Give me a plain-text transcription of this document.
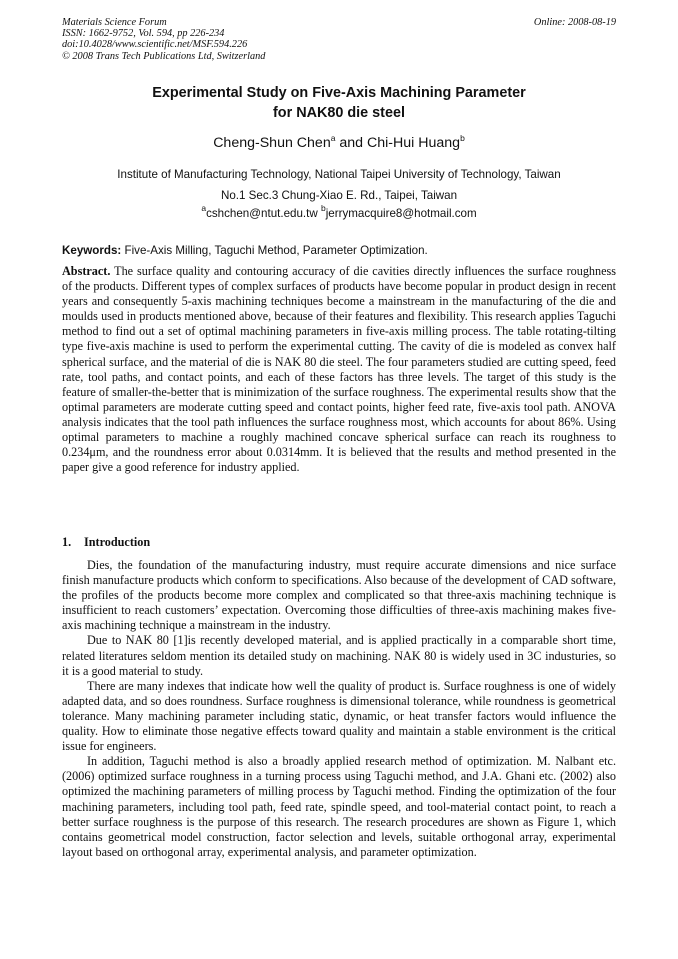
Materials Science Forum
ISSN: 1662-9752, Vol. 594, pp 226-234
doi:10.4028/www.scientific.net/MSF.594.226
© 2008 Trans Tech Publications Ltd, Switzerland
Online: 2008-08-19
Experimental Study on Five-Axis Machining Parameter
for NAK80 die steel
Cheng-Shun Chen$^a$ and Chi-Hui Huang$^b$
Institute of Manufacturing Technology, National Taipei University of Technology, Taiwan
No.1 Sec.3 Chung-Xiao E. Rd., Taipei, Taiwan
$^a$cshchen@ntut.edu.tw $^b$jerrymacquire8@hotmail.com
Keywords: Five-Axis Milling, Taguchi Method, Parameter Optimization.
Abstract. The surface quality and contouring accuracy of die cavities directly influences the surface roughness of the products. Different types of complex surfaces of products have become popular in product design in recent years and consequently 5-axis machining techniques become a mainstream in the manufacturing of the die and moulds used in products mentioned above, because of their features and flexibility. This research applies Taguchi method to find out a set of optimal machining parameters in five-axis milling process. The table rotating-tilting type five-axis machine is used to perform the experimental cutting. The cavity of die is modeled as convex half spherical surface, and the material of die is NAK 80 die steel. The four parameters studied are cutting speed, feed rate, tool paths, and contact points, and each of these factors has three levels. The target of this study is the feature of smaller-the-better that is minimization of the surface roughness. The experimental results show that the optimal parameters are moderate cutting speed and contact points, higher feed rate, five-axis tool path. ANOVA analysis indicates that the tool path influences the surface roughness most, which accounts for about 86%. Using optimal parameters to machine a roughly machined concave spherical surface can reach its roughness to 0.234μm, and the roundness error about 0.0314mm. It is believed that the results and method presented in the paper give a good reference for industry applied.
1. Introduction

Dies, the foundation of the manufacturing industry, must require accurate dimensions and nice surface finish manufacture products which conform to specifications. Also because of the development of CAD software, the profiles of the products become more complex and complicated so that three-axis machining technique is insufficient to reach customers’ expectation. Overcoming those difficulties of three-axis machining makes five-axis machining technique a mainstream in the industry.

Due to NAK 80 [1]is recently developed material, and is applied practically in a comparable short time, related literatures seldom mention its detailed study on machining. NAK 80 is widely used in 3C industuries, so it is a good material to study.

There are many indexes that indicate how well the quality of product is. Surface roughness is one of widely adapted data, and so does roundness. Surface roughness is dimensional tolerance, while roundness is geometrical tolerance. Many machining parameter including static, dynamic, or heat transfer factors would influence the quality. How to eliminate those negative effects toward quality and maintain a stable environment is the critical issue for engineers.

In addition, Taguchi method is also a broadly applied research method of optimization. M. Nalbant etc.(2006) optimized surface roughness in a turning process using Taguchi method, and J.A. Ghani etc. (2002) also optimized the machining parameters of milling process by Taguchi method. Finding the optimization of the four machining parameters, including tool path, feed rate, spindle speed, and tool-material contact point, to reach a better surface roughness is the purpose of this research. The research procedures are shown as Figure 1, which contains geometrical model construction, factor selection and levels, suitable orthogonal array, experimental layout based on orthogonal array, experimental analysis, and parameter optimization.
